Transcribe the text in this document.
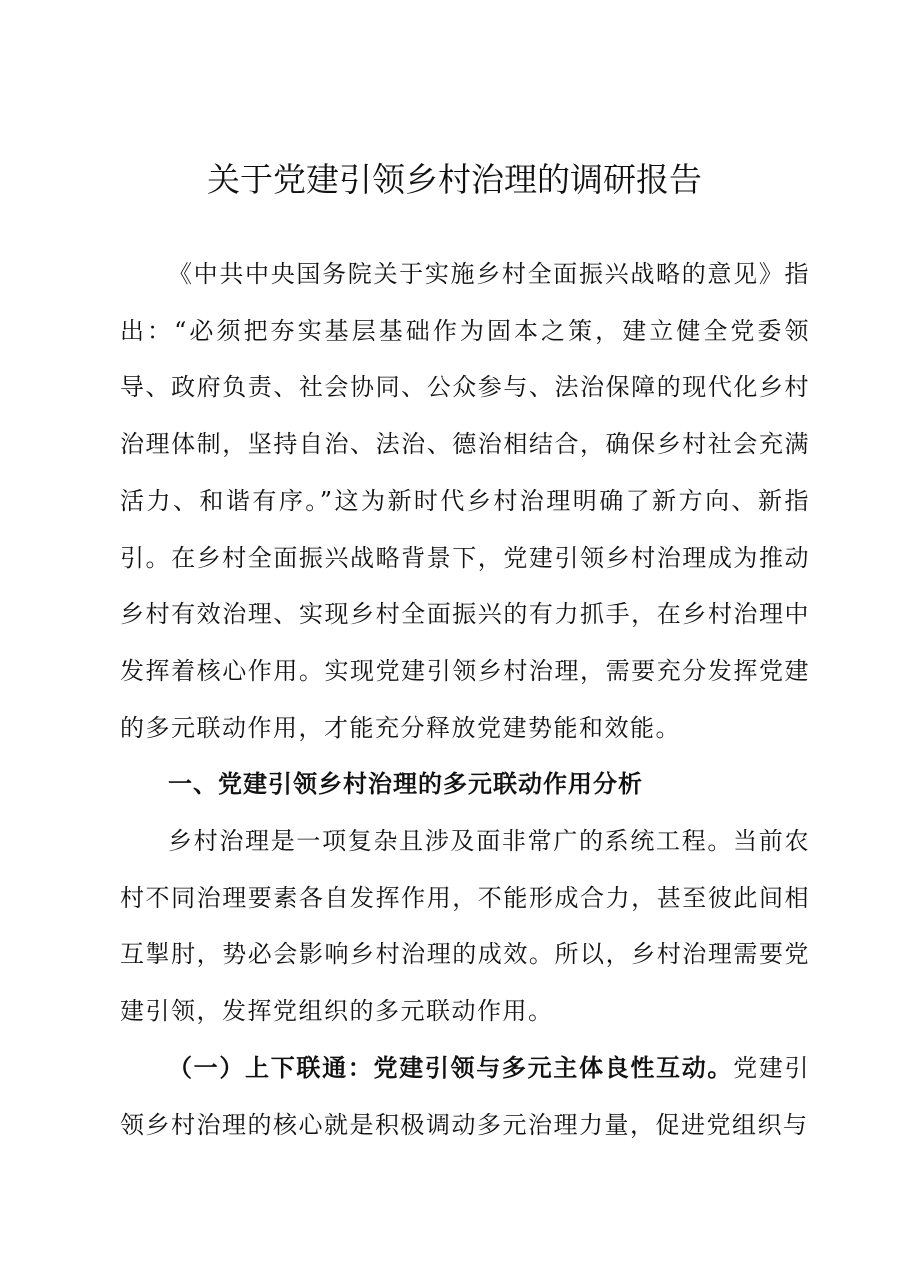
关于党建引领乡村治理的调研报告

《中共中央国务院关于实施乡村全面振兴战略的意见》指出：“必须把夯实基层基础作为固本之策，建立健全党委领导、政府负责、社会协同、公众参与、法治保障的现代化乡村治理体制，坚持自治、法治、德治相结合，确保乡村社会充满活力、和谐有序。”这为新时代乡村治理明确了新方向、新指引。在乡村全面振兴战略背景下，党建引领乡村治理成为推动乡村有效治理、实现乡村全面振兴的有力抓手，在乡村治理中发挥着核心作用。实现党建引领乡村治理，需要充分发挥党建的多元联动作用，才能充分释放党建势能和效能。

一、党建引领乡村治理的多元联动作用分析

乡村治理是一项复杂且涉及面非常广的系统工程。当前农村不同治理要素各自发挥作用，不能形成合力，甚至彼此间相互掣肘，势必会影响乡村治理的成效。所以，乡村治理需要党建引领，发挥党组织的多元联动作用。

（一）上下联通：党建引领与多元主体良性互动。党建引领乡村治理的核心就是积极调动多元治理力量，促进党组织与
